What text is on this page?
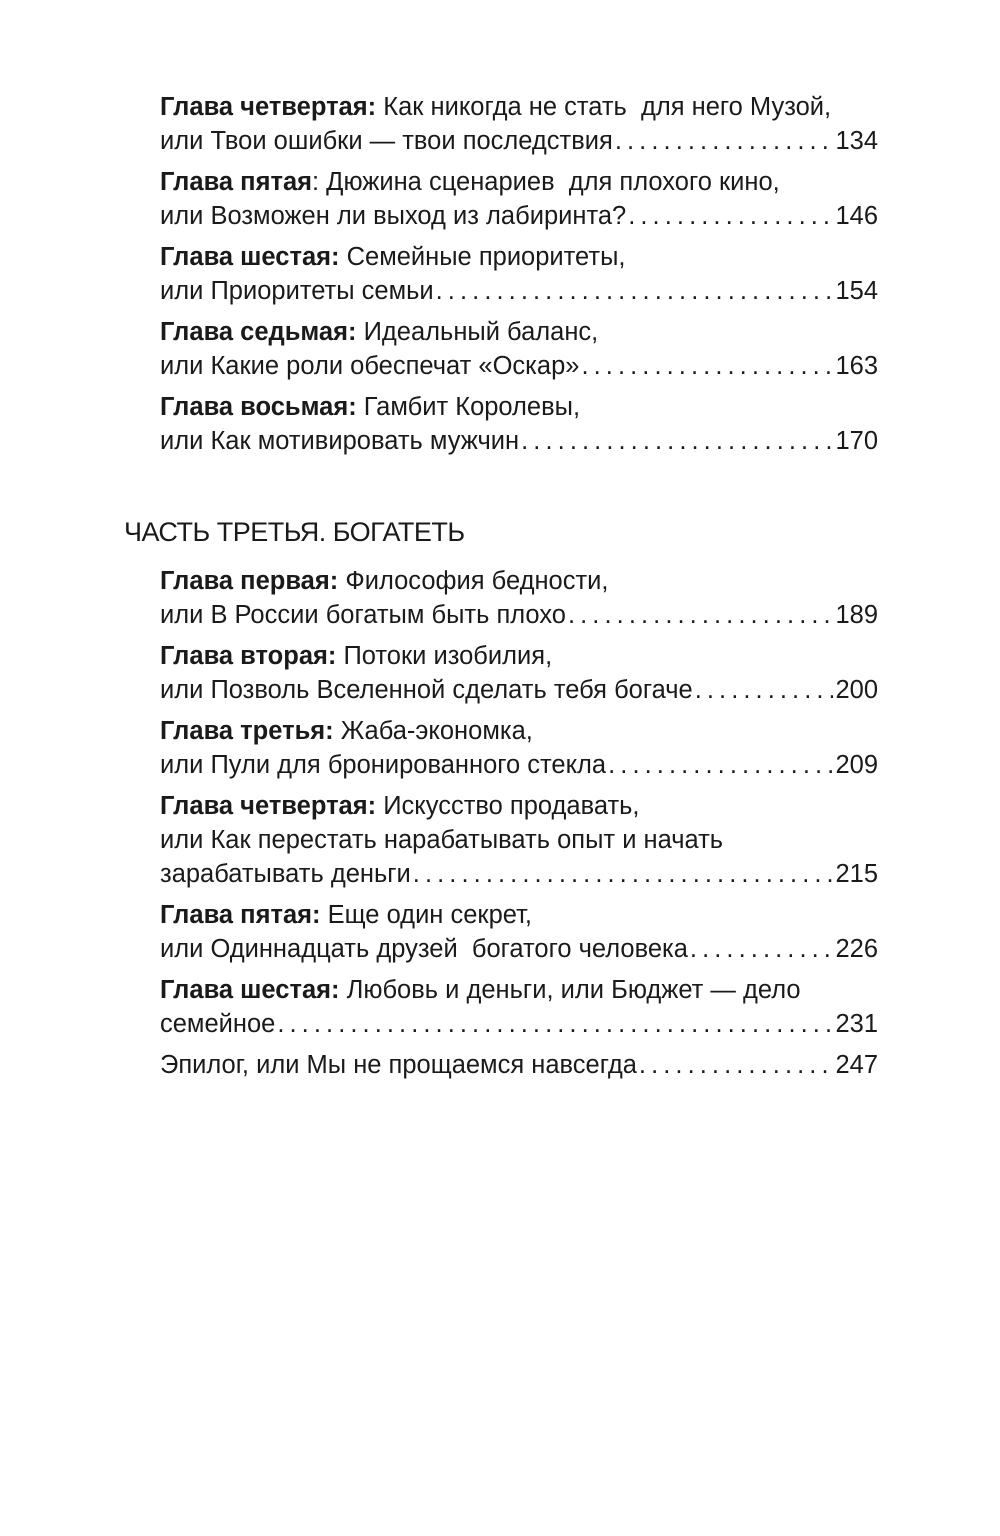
Глава четвертая:
Как никогда не стать  для него Музой,
или Твои ошибки — твои последствия . . .	134
Глава пятая : Дюжина сценариев  для плохого кино,
или Возможен ли выход из лабиринта? . . .	146
Глава шестая:
Семейные приоритеты,
или Приоритеты семьи . . .	154
Глава седьмая:
Идеальный баланс,
или Какие роли обеспечат «Оскар» . . .	163
Глава восьмая:
Гамбит Королевы,
или Как мотивировать мужчин . . .	170
ЧАСТЬ ТРЕТЬЯ. БОГАТЕТЬ
Глава первая:
Философия бедности,
или В России богатым быть плохо . . .	189
Глава вторая:
Потоки изобилия,
или Позволь Вселенной сделать тебя богаче . . .	200
Глава третья:
Жаба-экономка,
или Пули для бронированного стекла . . .	209
Глава четвертая:
Искусство продавать,
или Как перестать нарабатывать опыт и начать
зарабатывать деньги . . .	215
Глава пятая:
Еще один секрет,
или Одиннадцать друзей  богатого человека . . .	226
Глава шестая:
Любовь и деньги, или Бюджет — дело
семейное . . .	231
Эпилог, или Мы не прощаемся навсегда . . .	247
